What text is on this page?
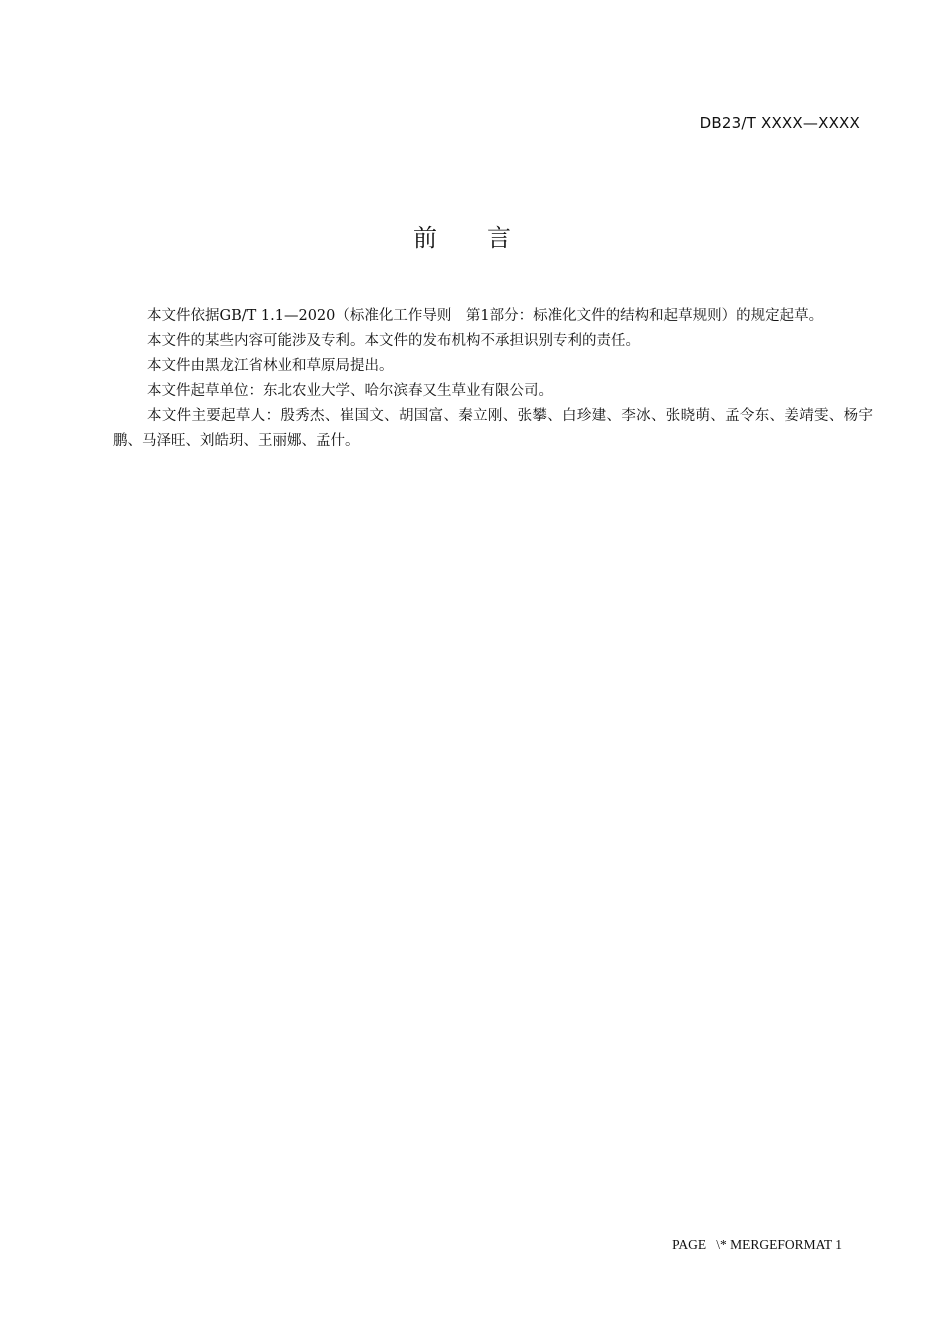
DB23/T XXXX—XXXX
前言

本文件依据GB/T 1.1—2020（标准化工作导则　第1部分：标准化文件的结构和起草规则）的规定起草。

本文件的某些内容可能涉及专利。本文件的发布机构不承担识别专利的责任。

本文件由黑龙江省林业和草原局提出。

本文件起草单位：东北农业大学、哈尔滨春又生草业有限公司。

本文件主要起草人：殷秀杰、崔国文、胡国富、秦立刚、张攀、白珍建、李冰、张晓萌、孟令东、姜靖雯、杨宇鹏、马泽旺、刘皓玥、王丽娜、孟什。

PAGE   \* MERGEFORMAT 1
